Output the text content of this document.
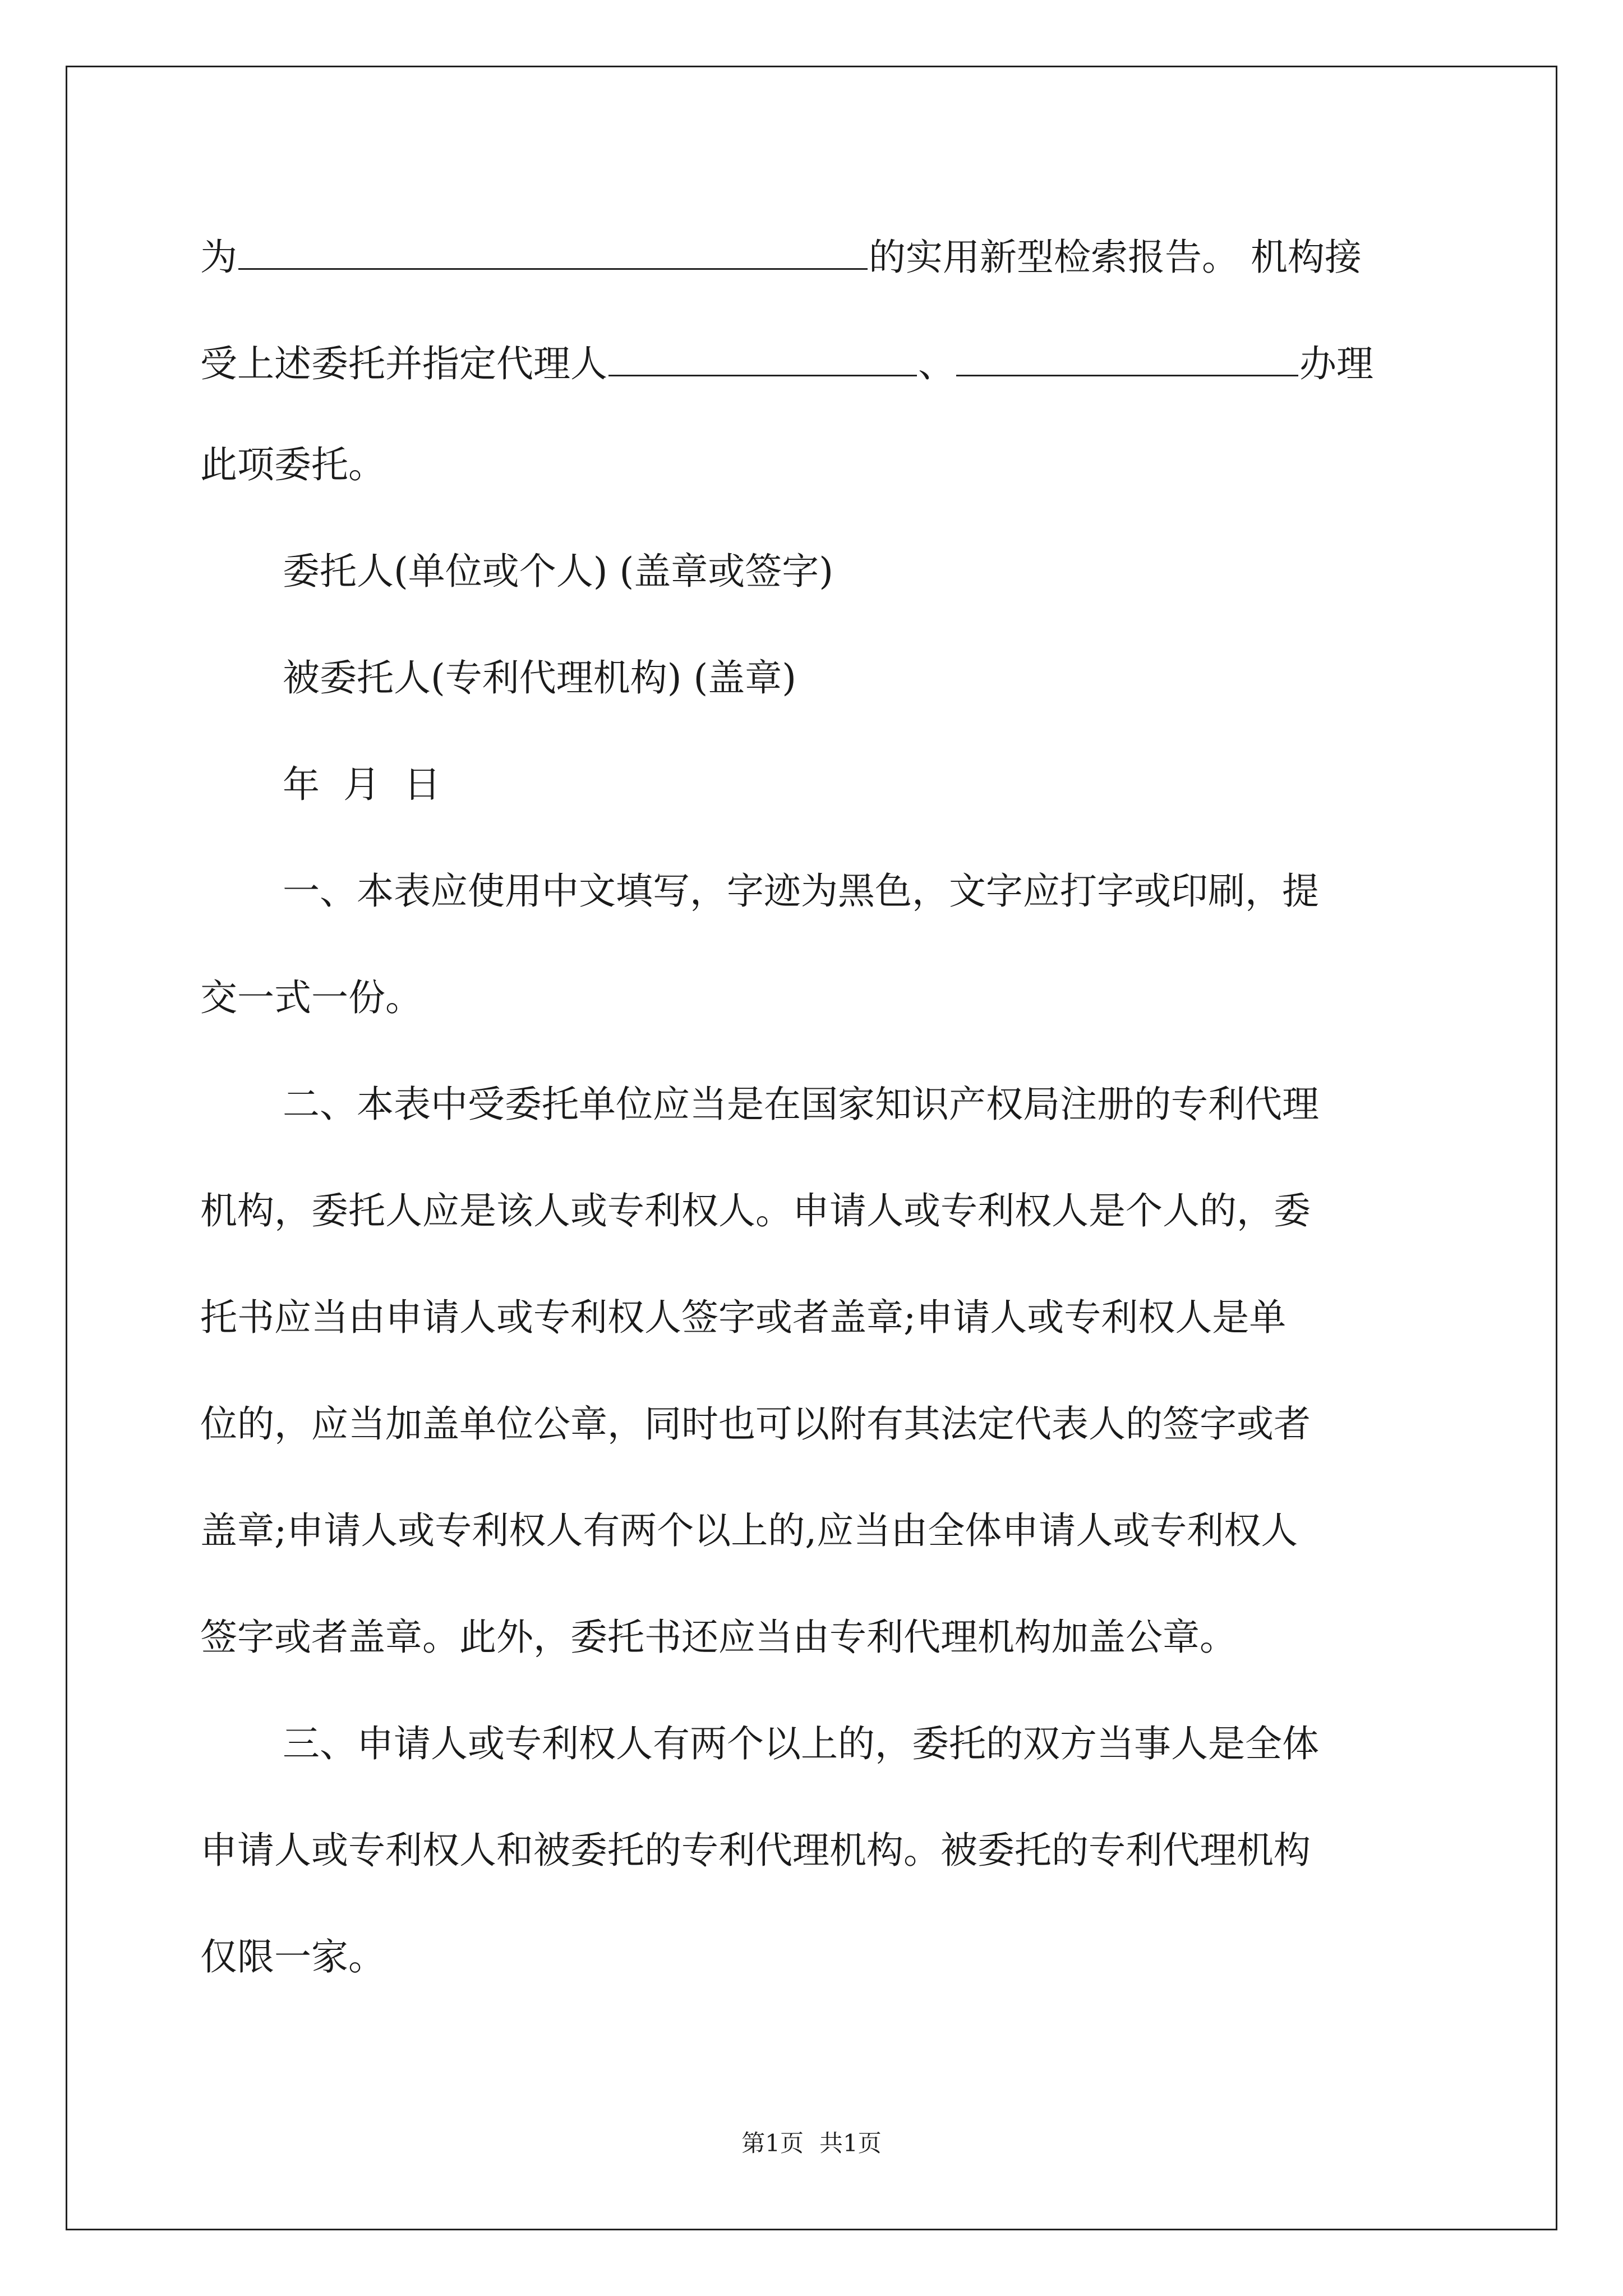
为	的实用新型检索报告。 机构接
受上述委托并指定代理人	、	办理
此项委托。
委托人(单位或个人) (盖章或签字)
被委托人(专利代理机构) (盖章)
年  月  日
一、本表应使用中文填写，字迹为黑色，文字应打字或印刷，提
交一式一份。
二、本表中受委托单位应当是在国家知识产权局注册的专利代理
机构，委托人应是该人或专利权人。申请人或专利权人是个人的，委
托书应当由申请人或专利权人签字或者盖章;申请人或专利权人是单
位的，应当加盖单位公章，同时也可以附有其法定代表人的签字或者
盖章;申请人或专利权人有两个以上的,应当由全体申请人或专利权人
签字或者盖章。此外，委托书还应当由专利代理机构加盖公章。
三、申请人或专利权人有两个以上的，委托的双方当事人是全体
申请人或专利权人和被委托的专利代理机构。被委托的专利代理机构
仅限一家。
第1页 共1页
